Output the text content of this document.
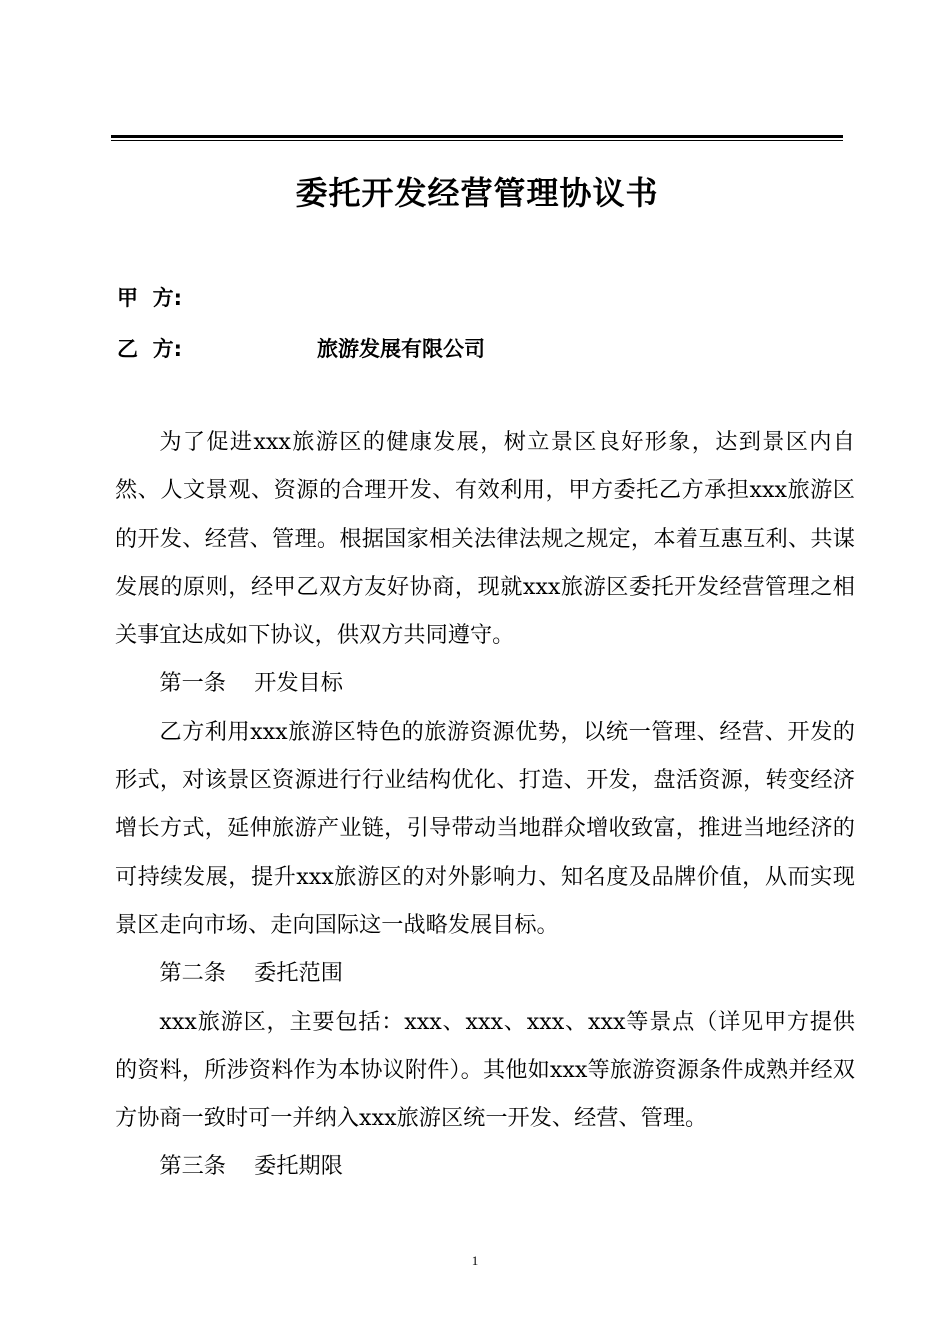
委托开发经营管理协议书
甲  方:
乙  方:	旅游发展有限公司

为了促进xxx旅游区的健康发展，树立景区良好形象，达到景区内自然、人文景观、资源的合理开发、有效利用，甲方委托乙方承担xxx旅游区的开发、经营、管理。根据国家相关法律法规之规定，本着互惠互利、共谋发展的原则，经甲乙双方友好协商，现就xxx旅游区委托开发经营管理之相关事宜达成如下协议，供双方共同遵守。

第一条    开发目标

乙方利用xxx旅游区特色的旅游资源优势，以统一管理、经营、开发的形式，对该景区资源进行行业结构优化、打造、开发，盘活资源，转变经济增长方式，延伸旅游产业链，引导带动当地群众增收致富，推进当地经济的可持续发展，提升xxx旅游区的对外影响力、知名度及品牌价值，从而实现景区走向市场、走向国际这一战略发展目标。

第二条    委托范围

xxx旅游区，主要包括：xxx、xxx、xxx、xxx等景点（详见甲方提供的资料，所涉资料作为本协议附件）。其他如xxx等旅游资源条件成熟并经双方协商一致时可一并纳入xxx旅游区统一开发、经营、管理。

第三条    委托期限

1
